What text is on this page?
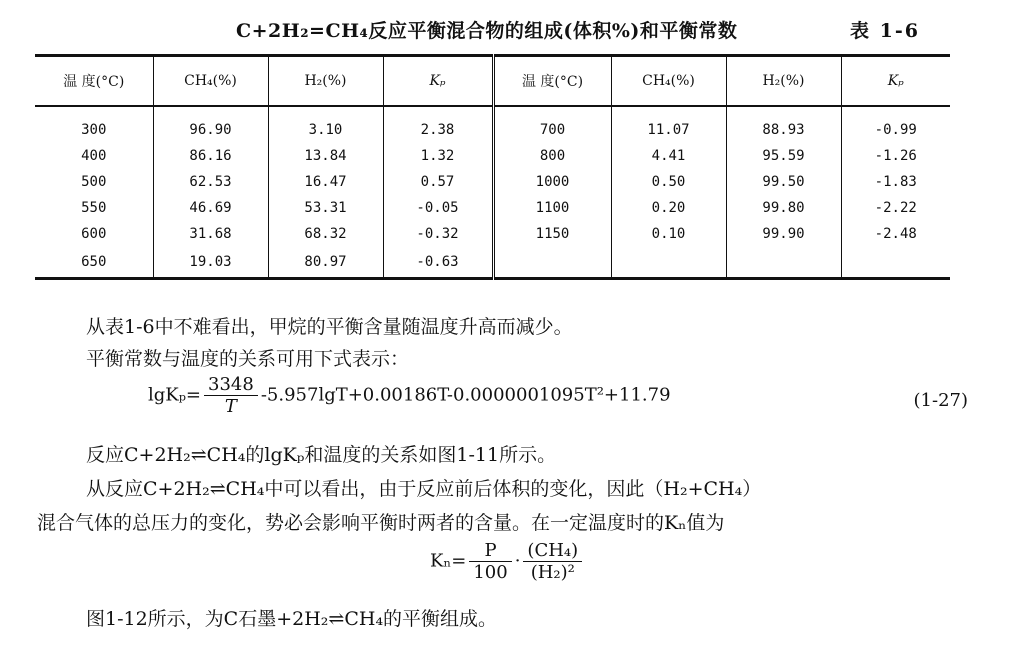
C+2H₂=CH₄反应平衡混合物的组成(体积%)和平衡常数	表 1-6
温 度(°C)	CH₄(%)	H₂(%)	Kₚ	温 度(°C)	CH₄(%)	H₂(%)	Kₚ
300	96.90	3.10	2.38	700	11.07	88.93	-0.99
400	86.16	13.84	1.32	800	4.41	95.59	-1.26
500	62.53	16.47	0.57	1000	0.50	99.50	-1.83
550	46.69	53.31	-0.05	1100	0.20	99.80	-2.22
600	31.68	68.32	-0.32	1150	0.10	99.90	-2.48
650	19.03	80.97	-0.63				
从表1-6中不难看出，甲烷的平衡含量随温度升高而减少。
平衡常数与温度的关系可用下式表示：
$\lg K_p= \frac{3348}{T} -5.957\lg T+0.00186T-0.0000001095T^2+11.79$	(1-27)
反应C+2H₂⇌CH₄的lgKₚ和温度的关系如图1-11所示。
从反应C+2H₂⇌CH₄中可以看出，由于反应前后体积的变化，因此（H₂+CH₄）
混合气体的总压力的变化，势必会影响平衡时两者的含量。在一定温度时的Kₙ值为
$K_n= \frac{P}{100} \cdot \frac{\text{(CH₄)}}{\text{(H₂)²}}$
图1-12所示，为C石墨+2H₂⇌CH₄的平衡组成。
